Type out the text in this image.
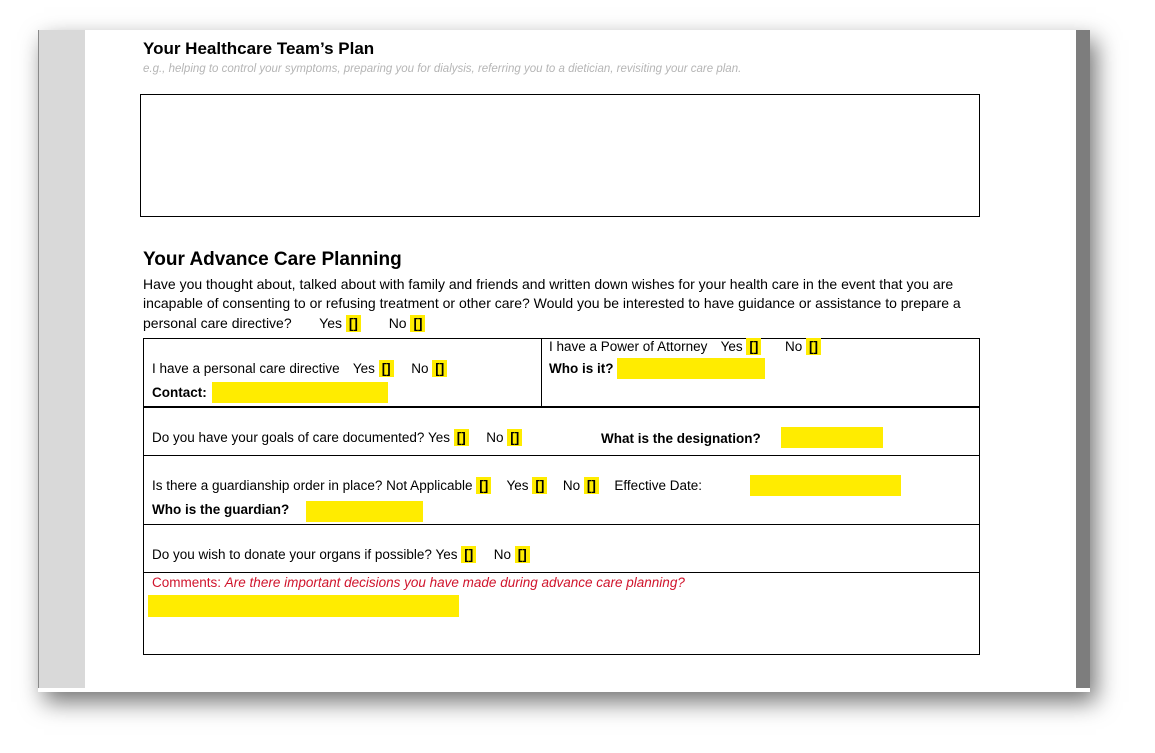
Your Healthcare Team’s Plan
e.g., helping to control your symptoms, preparing you for dialysis, referring you to a dietician, revisiting your care plan.
Your Advance Care Planning
Have you thought about, talked about with family and friends and written down wishes for your health care in the event that you are
incapable of consenting to or refusing treatment or other care? Would you be interested to have guidance or assistance to prepare a
personal care directive? Yes [] No []
I have a personal care directive Yes [] No []
Contact:
I have a Power of Attorney Yes [] No []
Who is it?
Do you have your goals of care documented? Yes [] No []	What is the designation?
Is there a guardianship order in place? Not Applicable [] Yes [] No [] Effective Date:
Who is the guardian?
Do you wish to donate your organs if possible? Yes [] No []
Comments: Are there important decisions you have made during advance care planning?
